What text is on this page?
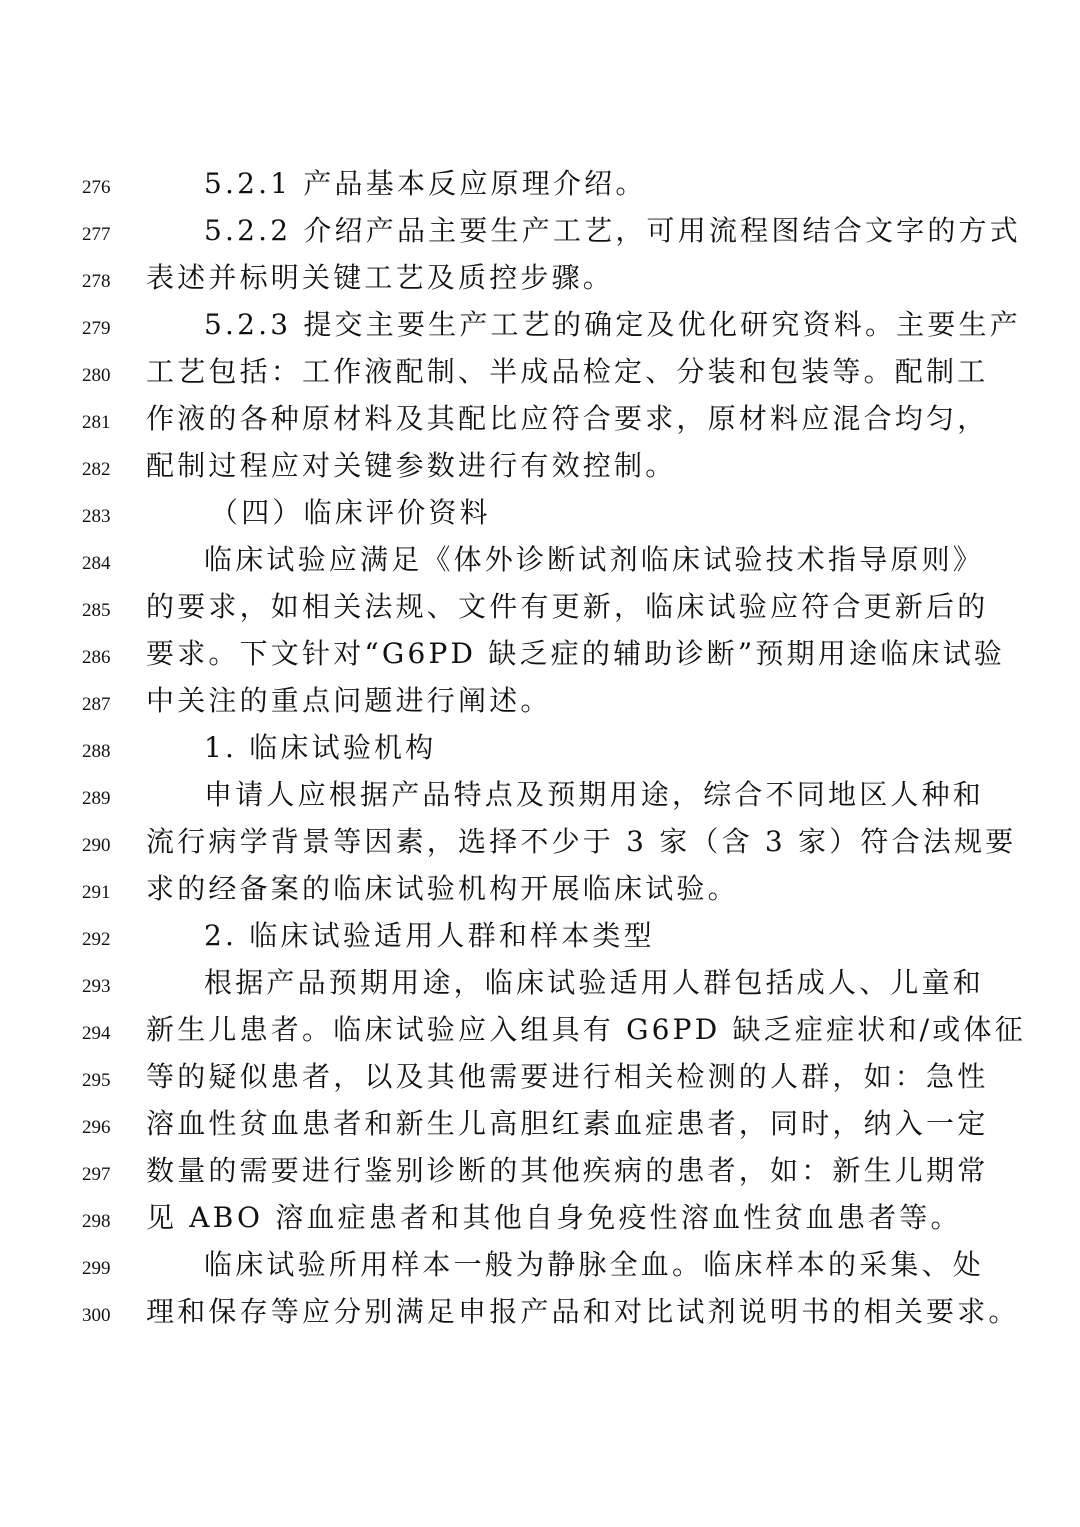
276	5.2.1 产品基本反应原理介绍。
277	5.2.2 介绍产品主要生产工艺，可用流程图结合文字的方式
278	表述并标明关键工艺及质控步骤。
279	5.2.3 提交主要生产工艺的确定及优化研究资料。主要生产
280	工艺包括：工作液配制、半成品检定、分装和包装等。配制工
281	作液的各种原材料及其配比应符合要求，原材料应混合均匀，
282	配制过程应对关键参数进行有效控制。
283	（四）临床评价资料
284	临床试验应满足《体外诊断试剂临床试验技术指导原则》
285	的要求，如相关法规、文件有更新，临床试验应符合更新后的
286	要求。下文针对“G6PD 缺乏症的辅助诊断”预期用途临床试验
287	中关注的重点问题进行阐述。
288	1. 临床试验机构
289	申请人应根据产品特点及预期用途，综合不同地区人种和
290	流行病学背景等因素，选择不少于 3 家（含 3 家）符合法规要
291	求的经备案的临床试验机构开展临床试验。
292	2. 临床试验适用人群和样本类型
293	根据产品预期用途，临床试验适用人群包括成人、儿童和
294	新生儿患者。临床试验应入组具有 G6PD 缺乏症症状和/或体征
295	等的疑似患者，以及其他需要进行相关检测的人群，如：急性
296	溶血性贫血患者和新生儿高胆红素血症患者，同时，纳入一定
297	数量的需要进行鉴别诊断的其他疾病的患者，如：新生儿期常
298	见 ABO 溶血症患者和其他自身免疫性溶血性贫血患者等。
299	临床试验所用样本一般为静脉全血。临床样本的采集、处
300	理和保存等应分别满足申报产品和对比试剂说明书的相关要求。
